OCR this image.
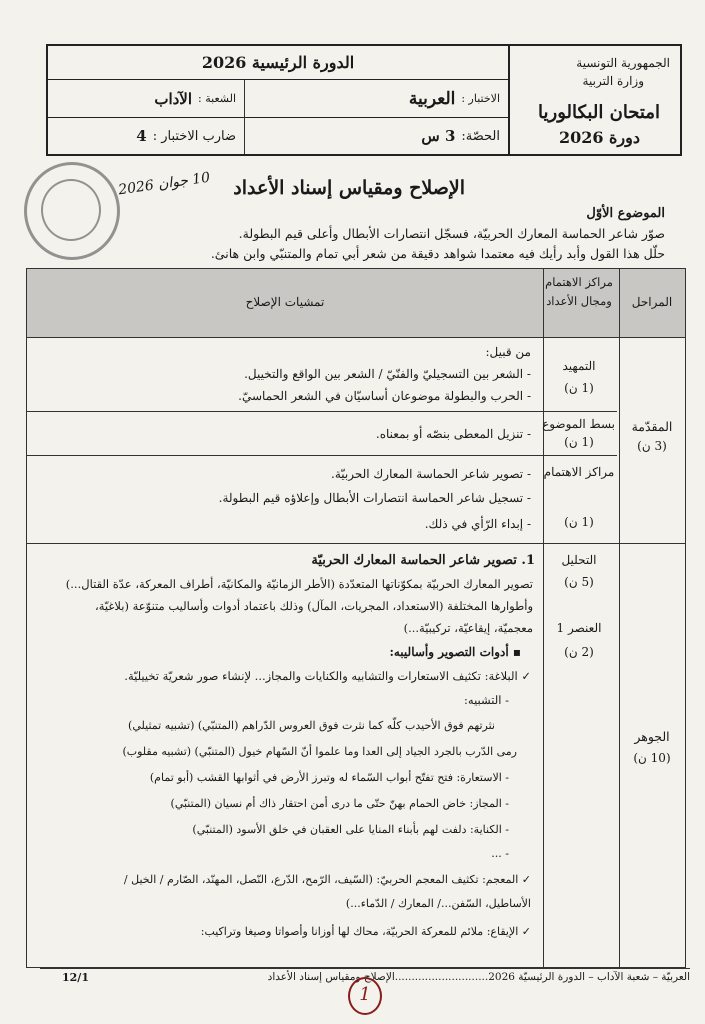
الجمهورية التونسية
وزارة التربية
امتحان البكالوريا
دورة 2026
الدورة الرئيسية 2026
الاختبار :
العربية
الشعبة :
الآداب
الحصّة:
3 س
ضارب الاختبار :
4
10 جوان 2026 الإصلاح ومقياس إسناد الأعداد
الموضوع الأوّل
صوّر شاعر الحماسة المعارك الحربيّة، فسجّل انتصارات الأبطال وأعلى قيم البطولة.
حلّل هذا القول وأبد رأيك فيه معتمدا شواهد دقيقة من شعر أبي تمام والمتنبّي وابن هانئ.
المراحل
مراكز الاهتمام ومجال الأعداد
تمشيات الإصلاح
المقدّمة
(3 ن)
التمهيد
(1 ن)
من قبيل:
- الشعر بين التسجيليّ والفنّيّ / الشعر بين الواقع والتخييل.
- الحرب والبطولة موضوعان أساسيّان في الشعر الحماسيّ.
بسط الموضوع
(1 ن)
- تنزيل المعطى بنصّه أو بمعناه.
مراكز الاهتمام
(1 ن)
- تصوير شاعر الحماسة المعارك الحربيّة.
- تسجيل شاعر الحماسة انتصارات الأبطال وإعلاؤه قيم البطولة.
- إبداء الرّأي في ذلك.
الجوهر
(10 ن)
التحليل
(5 ن)
العنصر 1
(2 ن)
1. تصوير شاعر الحماسة المعارك الحربيّة
تصوير المعارك الحربيّة بمكوّناتها المتعدّدة (الأطر الزمانيّة والمكانيّة، أطراف المعركة، عدّة القتال...)
وأطوارها المختلفة (الاستعداد، المجريات، المآل) وذلك باعتماد أدوات وأساليب متنوّعة (بلاغيّة،
معجميّة، إيقاعيّة، تركيبيّة...)
▪ أدوات التصوير وأساليبه:
✓ البلاغة: تكثيف الاستعارات والتشابيه والكنايات والمجاز... لإنشاء صور شعريّة تخييليّة.
- التشبيه:
نثرتهم فوق الأحيدب كلّه كما نثرت فوق العروس الدّراهم (المتنبّي) (تشبيه تمثيلي)
رمى الدّرب بالجرد الجياد إلى العدا وما علموا أنّ السّهام خيول (المتنبّي) (تشبيه مقلوب)
- الاستعارة: فتح تفتّح أبواب السّماء له وتبرز الأرض في أثوابها القشب (أبو تمام)
- المجاز: خاض الحمام بهنّ حتّى ما درى أمن احتقار ذاك أم نسيان (المتنبّي)
- الكناية: دلفت لهم بأبناء المنايا على العقبان في خلق الأسود (المتنبّي)
- ...
✓ المعجم: تكثيف المعجم الحربيّ: (السّيف، الرّمح، الدّرع، النّصل، المهنّد، الصّارم / الخيل /
الأساطيل، السّفن.../ المعارك / الدّماء...)
✓ الإيقاع: ملائم للمعركة الحربيّة، محاك لها أوزانا وأصواتا وصيغا وتراكيب:
العربيّة – شعبة الآداب – الدورة الرئيسيّة 2026............................الإصلاح ومقياس إسناد الأعداد
12/1
1
